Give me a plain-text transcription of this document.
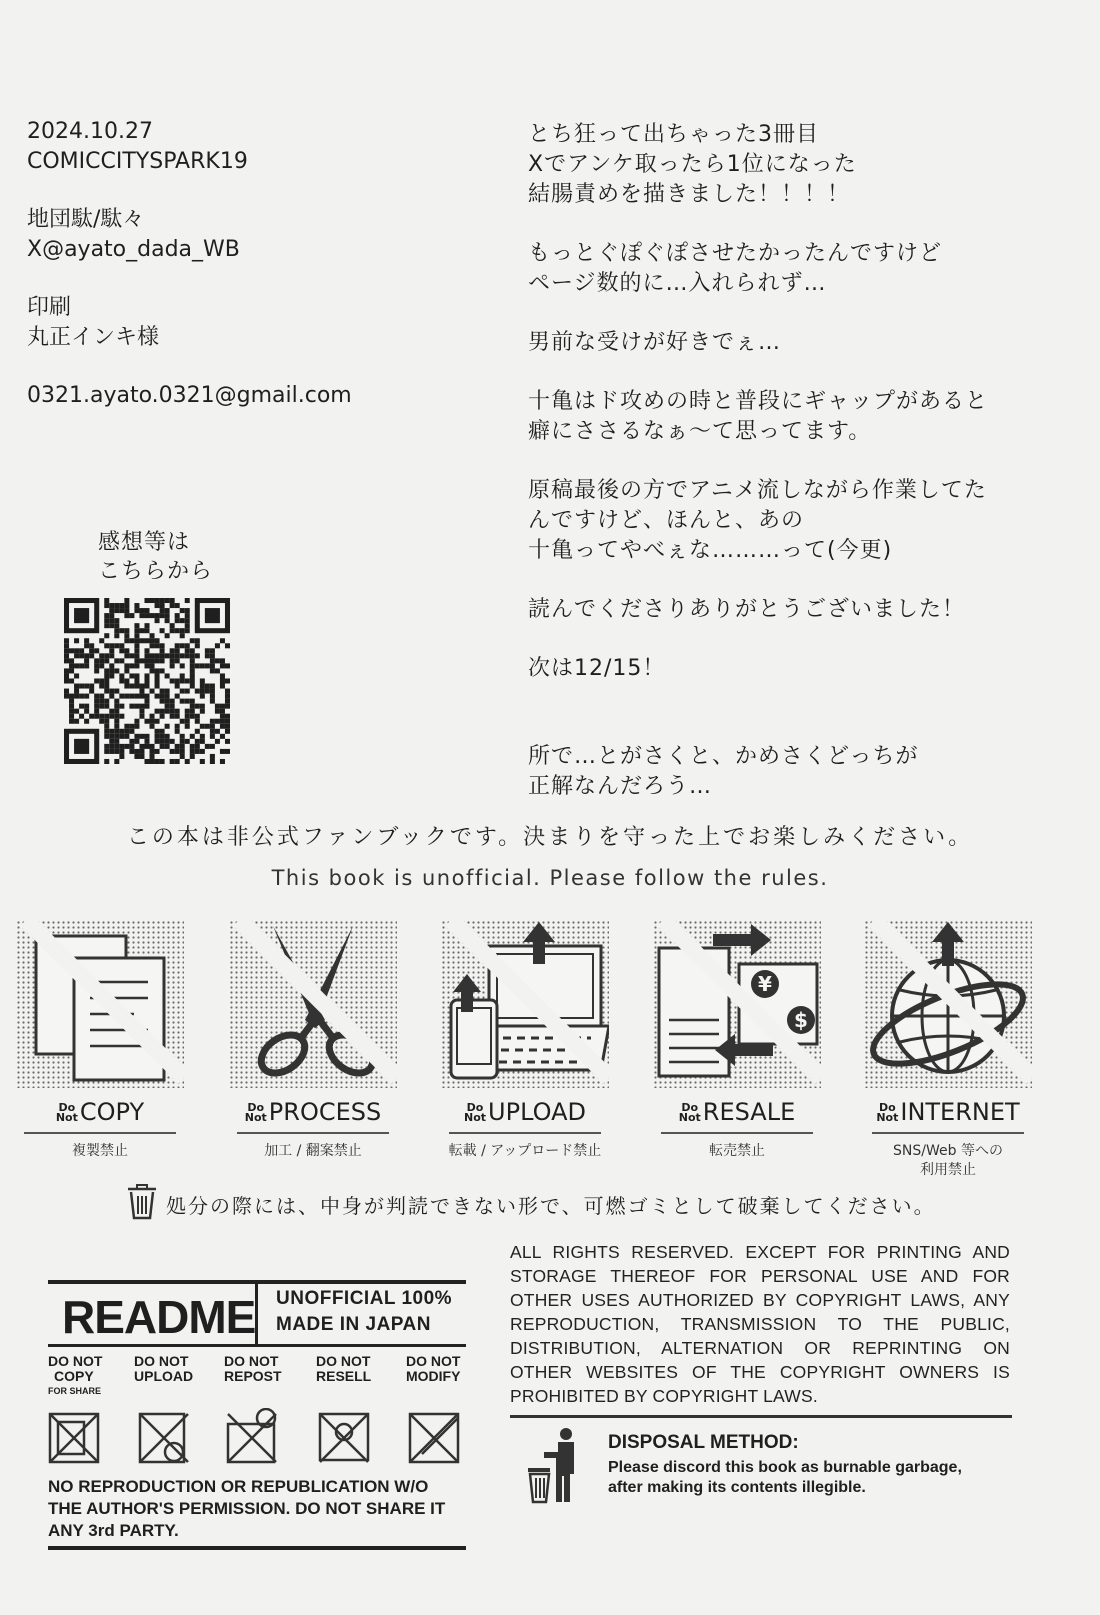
2024.10.27

COMICCITYSPARK19

地団駄/駄々

X@ayato_dada_WB

印刷

丸正インキ様

0321.ayato.0321@gmail.com

感想等は
こちらから

とち狂って出ちゃった3冊目

Xでアンケ取ったら1位になった

結腸責めを描きました！！！！

もっとぐぽぐぽさせたかったんですけど

ページ数的に…入れられず…

男前な受けが好きでぇ…

十亀はド攻めの時と普段にギャップがあると

癖にささるなぁ〜て思ってます。

原稿最後の方でアニメ流しながら作業してた

んですけど、ほんと、あの

十亀ってやべぇな………って(今更)

読んでくださりありがとうございました！

次は12/15！

所で…とがさくと、かめさくどっちが

正解なんだろう…

この本は非公式ファンブックです。決まりを守った上でお楽しみください。
This book is unofficial. Please follow the rules.
Do
NotCOPY
複製禁止
Do
NotPROCESS
加工 / 翻案禁止
Do
NotUPLOAD
転載 / アップロード禁止
¥
$
Do
NotRESALE
転売禁止
Do
NotINTERNET
SNS/Web 等への
利用禁止
処分の際には、中身が判読できない形で、可燃ゴミとして破棄してください。
README UNOFFICIAL 100%
MADE IN JAPAN
DO NOT
COPY
FOR SHARE
DO NOT
UPLOAD
DO NOT
REPOST
DO NOT
RESELL
DO NOT
MODIFY
NO REPRODUCTION OR REPUBLICATION W/O
THE AUTHOR'S PERMISSION. DO NOT SHARE IT
ANY 3rd PARTY.
ALL RIGHTS RESERVED. EXCEPT FOR PRINTING AND STORAGE THEREOF FOR PERSONAL USE AND FOR OTHER USES AUTHORIZED BY COPYRIGHT LAWS, ANY REPRODUCTION, TRANSMISSION TO THE PUBLIC, DISTRIBUTION, ALTERNATION OR REPRINTING ON OTHER WEBSITES OF THE COPYRIGHT OWNERS IS PROHIBITED BY COPYRIGHT LAWS.
DISPOSAL METHOD:
Please discord this book as burnable garbage,
after making its contents illegible.
